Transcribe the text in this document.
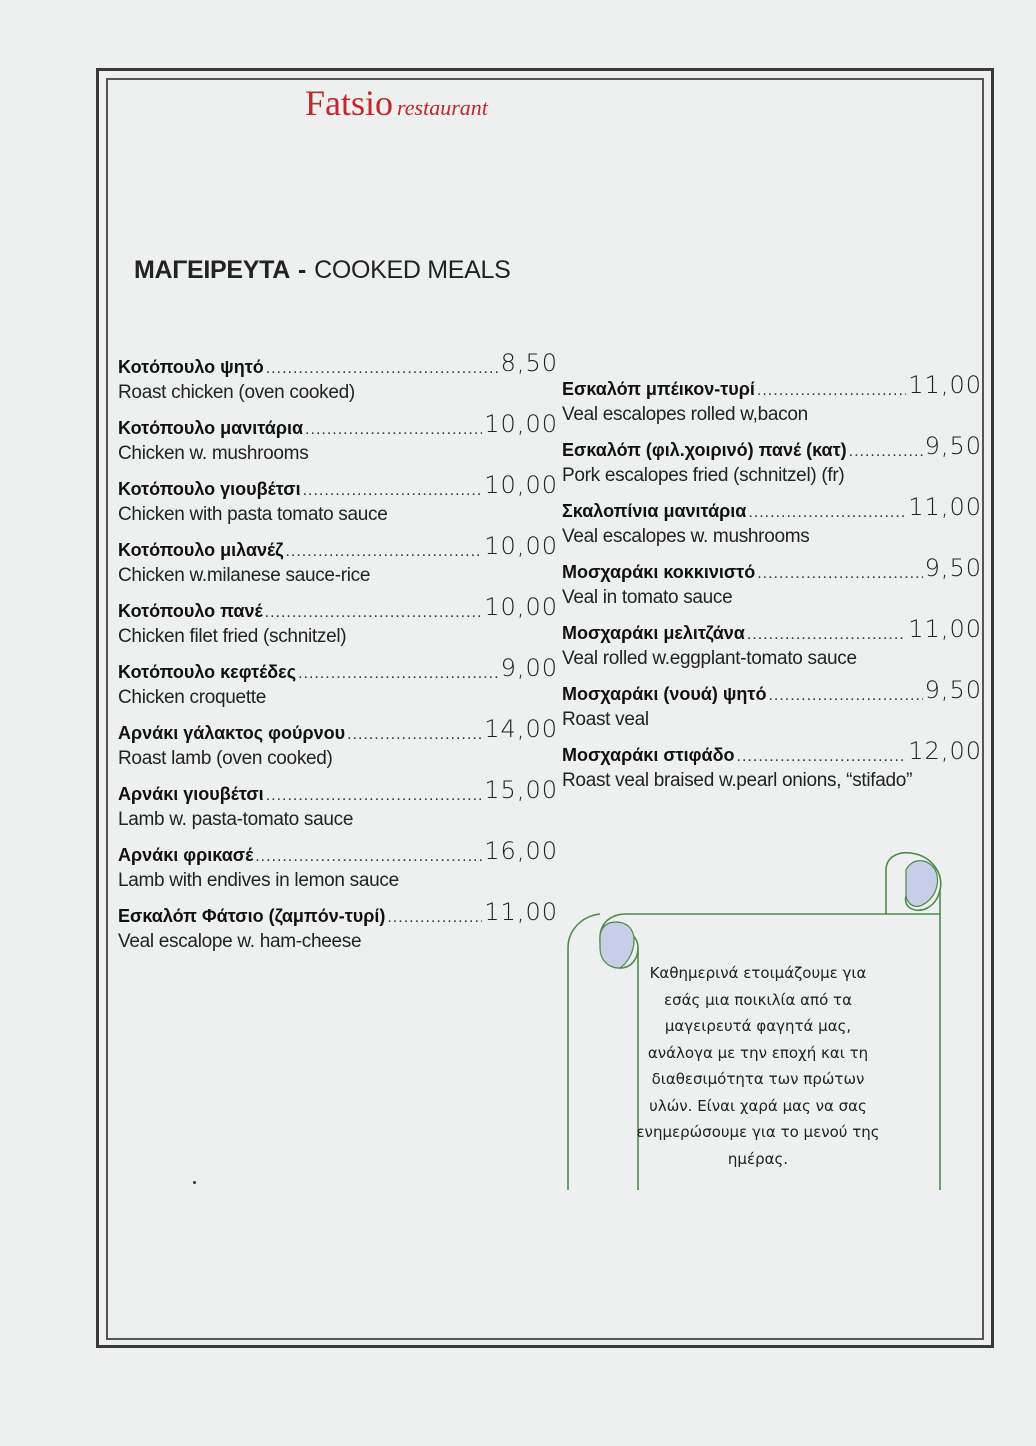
Fatsio restaurant
ΜΑΓΕΙΡΕΥΤΑ - COOKED MEALS
Κοτόπουλο ψητό .....	8,50
Roast chicken (oven cooked)
Κοτόπουλο μανιτάρια .....	10,00
Chicken w. mushrooms
Κοτόπουλο γιουβέτσι .....	10,00
Chicken with pasta tomato sauce
Κοτόπουλο μιλανέζ .....	10,00
Chicken w.milanese sauce-rice
Κοτόπουλο πανέ .....	10,00
Chicken filet fried (schnitzel)
Κοτόπουλο κεφτέδες .....	9,00
Chicken croquette
Αρνάκι γάλακτος φούρνου .....	14,00
Roast lamb (oven cooked)
Αρνάκι γιουβέτσι .....	15,00
Lamb w. pasta-tomato sauce
Αρνάκι φρικασέ .....	16,00
Lamb with endives in lemon sauce
Εσκαλόπ Φάτσιο (ζαμπόν-τυρί) .....	11,00
Veal escalope w. ham-cheese
Εσκαλόπ μπέικον-τυρί .....	11,00
Veal escalopes rolled w,bacon
Εσκαλόπ (φιλ.χοιρινό) πανέ (κατ) .....	9,50
Pork escalopes fried (schnitzel) (fr)
Σκαλοπίνια μανιτάρια .....	11,00
Veal escalopes w. mushrooms
Μοσχαράκι κοκκινιστό .....	9,50
Veal in tomato sauce
Μοσχαράκι μελιτζάνα .....	11,00
Veal rolled w.eggplant-tomato sauce
Μοσχαράκι (νουά) ψητό .....	9,50
Roast veal
Μοσχαράκι στιφάδο .....	12,00
Roast veal braised w.pearl onions, “stifado”
Καθημερινά ετοιμάζουμε για
εσάς μια ποικιλία από τα
μαγειρευτά φαγητά μας,
ανάλογα με την εποχή και τη
διαθεσιμότητα των πρώτων
υλών. Είναι χαρά μας να σας
ενημερώσουμε για το μενού της
ημέρας.
